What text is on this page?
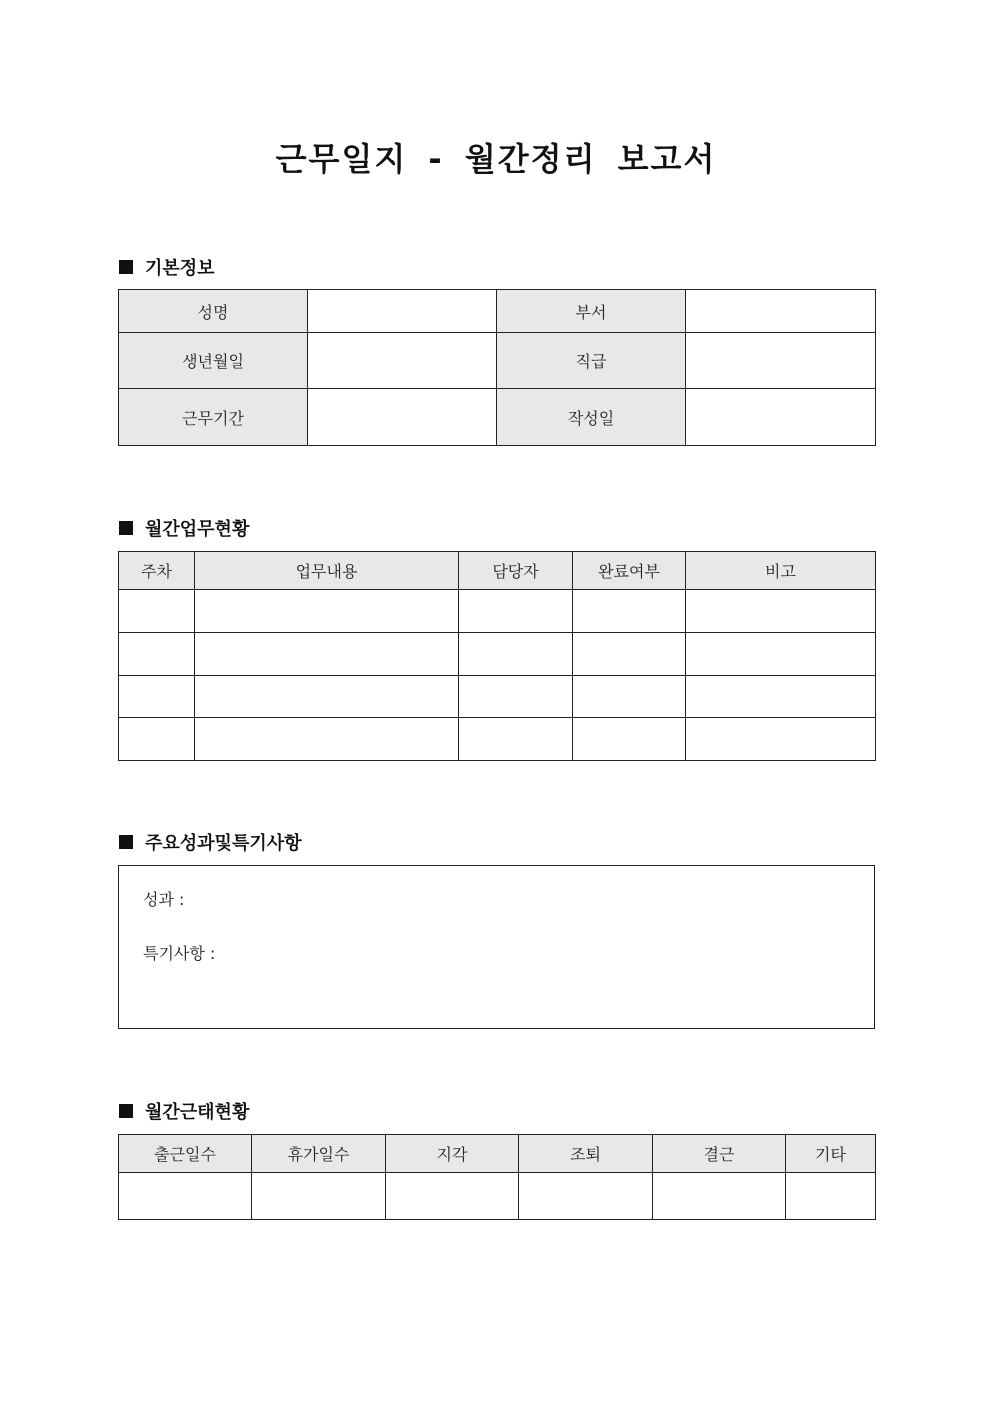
근무일지 - 월간정리 보고서
기본정보
성명		부서	
생년월일		직급	
근무기간		작성일	
월간업무현황
주차	업무내용	담당자	완료여부	비고

주요성과및특기사항
성과 :
특기사항 :
월간근태현황
출근일수	휴가일수	지각	조퇴	결근	기타
